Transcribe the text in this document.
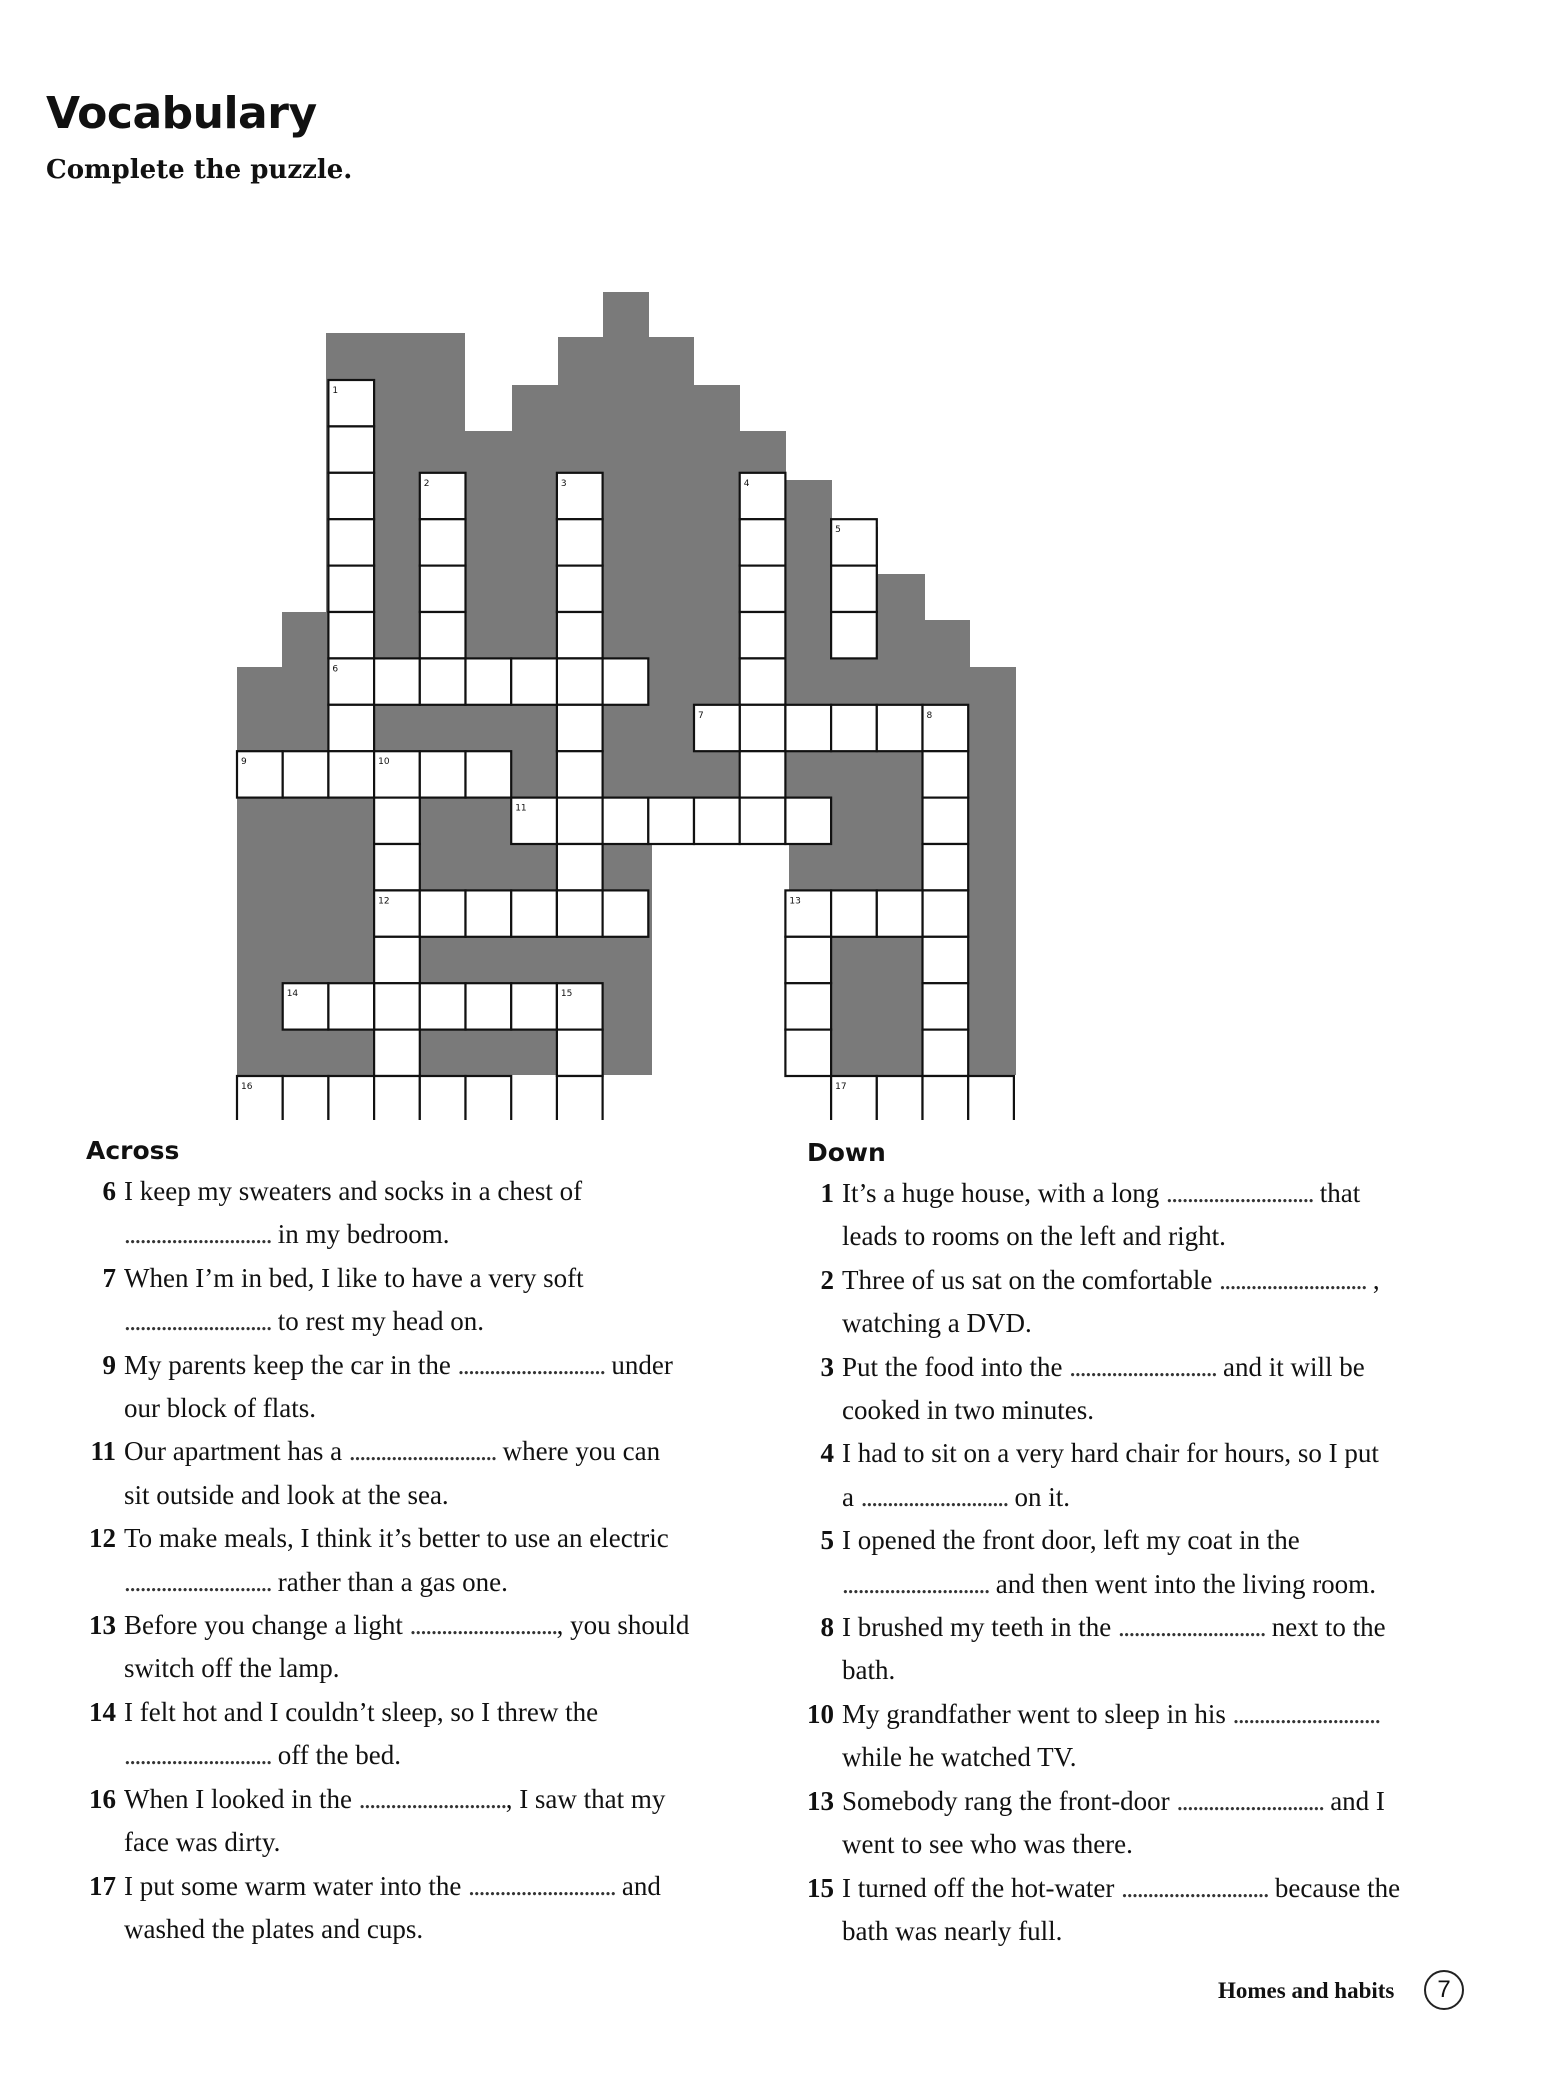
Vocabulary
Complete the puzzle.
1
2	3	4
5
6
7	8
9	10
11
12	13
14	15
16	17
Across
6 I keep my sweaters and socks in a chest of
............................ in my bedroom.
7 When I’m in bed, I like to have a very soft
............................ to rest my head on.
9 My parents keep the car in the ............................ under
our block of flats.
11 Our apartment has a ............................ where you can
sit outside and look at the sea.
12 To make meals, I think it’s better to use an electric
............................ rather than a gas one.
13 Before you change a light ............................, you should
switch off the lamp.
14 I felt hot and I couldn’t sleep, so I threw the
............................ off the bed.
16 When I looked in the ............................, I saw that my
face was dirty.
17 I put some warm water into the ............................ and
washed the plates and cups.
Down
1 It’s a huge house, with a long ............................ that
leads to rooms on the left and right.
2 Three of us sat on the comfortable ............................ ,
watching a DVD.
3 Put the food into the ............................ and it will be
cooked in two minutes.
4 I had to sit on a very hard chair for hours, so I put
a ............................ on it.
5 I opened the front door, left my coat in the
............................ and then went into the living room.
8 I brushed my teeth in the ............................ next to the
bath.
10 My grandfather went to sleep in his ............................
while he watched TV.
13 Somebody rang the front-door ............................ and I
went to see who was there.
15 I turned off the hot-water ............................ because the
bath was nearly full.
Homes and habits	7
